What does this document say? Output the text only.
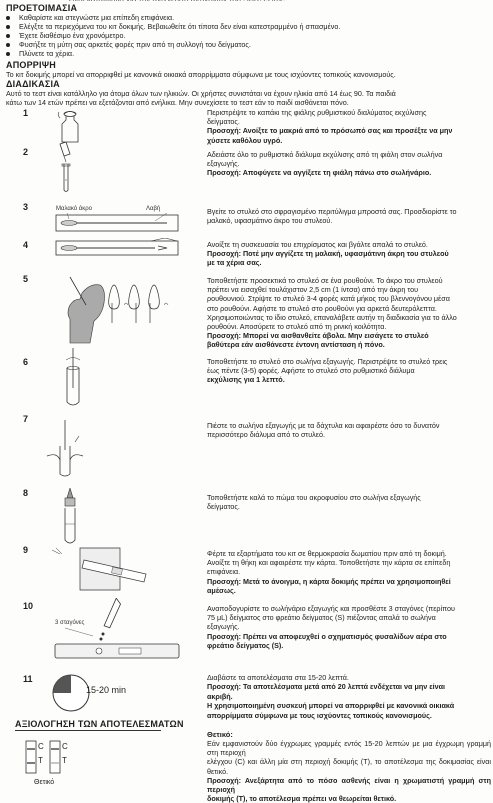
ΠΡΟΕΤΟΙΜΑΣΙΑ
Καθαρίστε και στεγνώστε μια επίπεδη επιφάνεια.
Ελέγξτε τα περιεχόμενα του κιτ δοκιμής. Βεβαιωθείτε ότι τίποτα δεν είναι κατεστραμμένο ή σπασμένο.
Έχετε διαθέσιμο ένα χρονόμετρο.
Φυσήξτε τη μύτη σας αρκετές φορές πριν από τη συλλογή του δείγματος.
Πλύνετε τα χέρια.
ΑΠΟΡΡΙΨΗ
Το κιτ δοκιμής μπορεί να απορριφθεί με κανονικά οικιακά απορρίμματα σύμφωνα με τους ισχύοντες τοπικούς κανονισμούς.
ΔΙΑΔΙΚΑΣΙΑ
Αυτό το τεστ είναι κατάλληλο για άτομα όλων των ηλικιών. Οι χρήστες συνιστάται να έχουν ηλικία από 14 έως 90. Τα παιδιά
κάτω των 14 ετών πρέπει να εξετάζονται από ενήλικα. Μην συνεχίσετε το τεστ εάν το παιδί αισθάνεται πόνο.
1	Περιστρέψτε το καπάκι της φιάλης ρυθμιστικού διαλύματος εκχύλισης
δείγματος.
Προσοχή: Ανοίξτε το μακριά από το πρόσωπό σας και προσέξτε να μην
χύσετε καθόλου υγρό.
2	Αδειάστε όλο το ρυθμιστικό διάλυμα εκχύλισης από τη φιάλη στον σωλήνα
εξαγωγής.
Προσοχή: Αποφύγετε να αγγίξετε τη φιάλη πάνω στο σωλήνάριο.
3	Βγείτε το στυλεό στο σφραγισμένο περιτύλιγμα μπροστά σας. Προσδιορίστε το
μαλακό, υφασμάτινο άκρο του στυλεού.
4	Ανοίξτε τη συσκευασία του επιχρίσματος και βγάλτε απαλά το στυλεό.
Προσοχή: Ποτέ μην αγγίζετε τη μαλακή, υφασμάτινη άκρη του στυλεού
με τα χέρια σας.
5	Τοποθετήστε προσεκτικά το στυλεό σε ένα ρουθούνι. Το άκρο του στυλεού
πρέπει να εισαχθεί τουλάχιστον 2,5 cm (1 ίντσα) από την άκρη του
ρουθουνιού. Στρίψτε το στυλεό 3-4 φορές κατά μήκος του βλεννογόνου μέσα
στο ρουθούνι. Αφήστε το στυλεό στο ρουθούνι για αρκετά δευτερόλεπτα.
Χρησιμοποιώντας το ίδιο στυλεό, επαναλάβετε αυτήν τη διαδικασία για το άλλο
ρουθούνι. Αποσύρετε το στυλεό από τη ρινική κοιλότητα.
Προσοχή: Μπορεί να αισθανθείτε άβολα. Μην εισάγετε το στυλεό
βαθύτερα εάν αισθάνεστε έντονη αντίσταση ή πόνο.
6	Τοποθετήστε το στυλεό στο σωλήνα εξαγωγής. Περιστρέψτε το στυλεό τρεις
έως πέντε (3-5) φορές. Αφήστε το στυλεό στο ρυθμιστικό διάλυμα
εκχύλισης για 1 λεπτό.
7
Πιέστε το σωλήνα εξαγωγής με τα δάχτυλα και αφαιρέστε όσο το δυνατόν
περισσότερο διάλυμα από το στυλεό.
8	Τοποθετήστε καλά το πώμα του ακροφυσίου στο σωλήνα εξαγωγής
δείγματος.
9	Φέρτε τα εξαρτήματα του κιτ σε θερμοκρασία δωματίου πριν από τη δοκιμή.
Ανοίξτε τη θήκη και αφαιρέστε την κάρτα. Τοποθετήστε την κάρτα σε επίπεδη
επιφάνεια.
Προσοχή: Μετά το άνοιγμα, η κάρτα δοκιμής πρέπει να χρησιμοποιηθεί
αμέσως.
10	Αναποδογυρίστε το σωλήνάριο εξαγωγής και προσθέστε 3 σταγόνες (περίπου
75 μL) δείγματος στο φρεάτιο δείγματος (S) πιέζοντας απαλά το σωλήνα
εξαγωγής.
Προσοχή: Πρέπει να αποφευχθεί ο σχηματισμός φυσαλίδων αέρα στο
φρεάτιο δείγματος (S).
11	Διαβάστε τα αποτελέσματα στα 15-20 λεπτά.
Προσοχή: Τα αποτελέσματα μετά από 20 λεπτά ενδέχεται να μην είναι
ακριβή.
Η χρησιμοποιημένη συσκευή μπορεί να απορριφθεί με κανονικά οικιακά
απορρίμματα σύμφωνα με τους ισχύοντες τοπικούς κανονισμούς.
Μαλακό άκρο	Λαβή
3 σταγόνες
15-20 min
ΑΞΙΟΛΟΓΗΣΗ ΤΩΝ ΑΠΟΤΕΛΕΣΜΑΤΩΝ
Θετικό:
Εάν εμφανιστούν δύο έγχρωμες γραμμές εντός 15-20 λεπτών με μια έγχρωμη γραμμή στη περιοχή
ελέγχου (C) και άλλη μία στη περιοχή δοκιμής (T), το αποτέλεσμα της δοκιμασίας είναι θετικό.
Προσοχή: Ανεξάρτητα από το πόσο ασθενής είναι η χρωματιστή γραμμή στη περιοχή
δοκιμής (T), το αποτέλεσμα πρέπει να θεωρείται θετικό.
C
T
C
T
Θετικό
